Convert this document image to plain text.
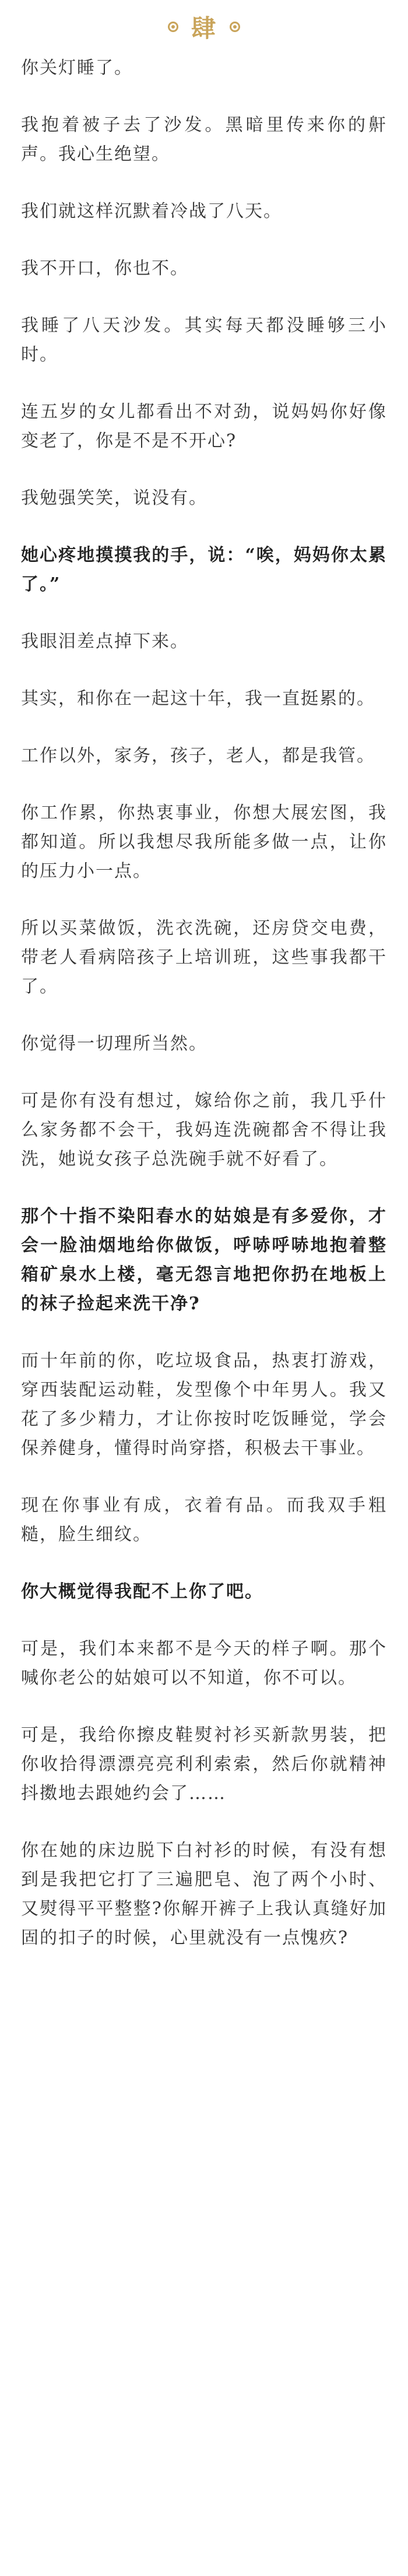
肆

你关灯睡了。

我抱着被子去了沙发。黑暗里传来你的鼾声。我心生绝望。

我们就这样沉默着冷战了八天。

我不开口，你也不。

我睡了八天沙发。其实每天都没睡够三小时。

连五岁的女儿都看出不对劲，说妈妈你好像变老了，你是不是不开心?

我勉强笑笑，说没有。

她心疼地摸摸我的手，说：“唉，妈妈你太累了。”

我眼泪差点掉下来。

其实，和你在一起这十年，我一直挺累的。

工作以外，家务，孩子，老人，都是我管。

你工作累，你热衷事业，你想大展宏图，我都知道。所以我想尽我所能多做一点，让你的压力小一点。

所以买菜做饭，洗衣洗碗，还房贷交电费，带老人看病陪孩子上培训班，这些事我都干了。

你觉得一切理所当然。

可是你有没有想过，嫁给你之前，我几乎什么家务都不会干，我妈连洗碗都舍不得让我洗，她说女孩子总洗碗手就不好看了。

那个十指不染阳春水的姑娘是有多爱你，才会一脸油烟地给你做饭，呼哧呼哧地抱着整箱矿泉水上楼，毫无怨言地把你扔在地板上的袜子捡起来洗干净?

而十年前的你，吃垃圾食品，热衷打游戏，穿西装配运动鞋，发型像个中年男人。我又花了多少精力，才让你按时吃饭睡觉，学会保养健身，懂得时尚穿搭，积极去干事业。

现在你事业有成，衣着有品。而我双手粗糙，脸生细纹。

你大概觉得我配不上你了吧。

可是，我们本来都不是今天的样子啊。那个喊你老公的姑娘可以不知道，你不可以。

可是，我给你擦皮鞋熨衬衫买新款男装，把你收拾得漂漂亮亮利利索索，然后你就精神抖擞地去跟她约会了……

你在她的床边脱下白衬衫的时候，有没有想到是我把它打了三遍肥皂、泡了两个小时、又熨得平平整整?你解开裤子上我认真缝好加固的扣子的时候，心里就没有一点愧疚?
